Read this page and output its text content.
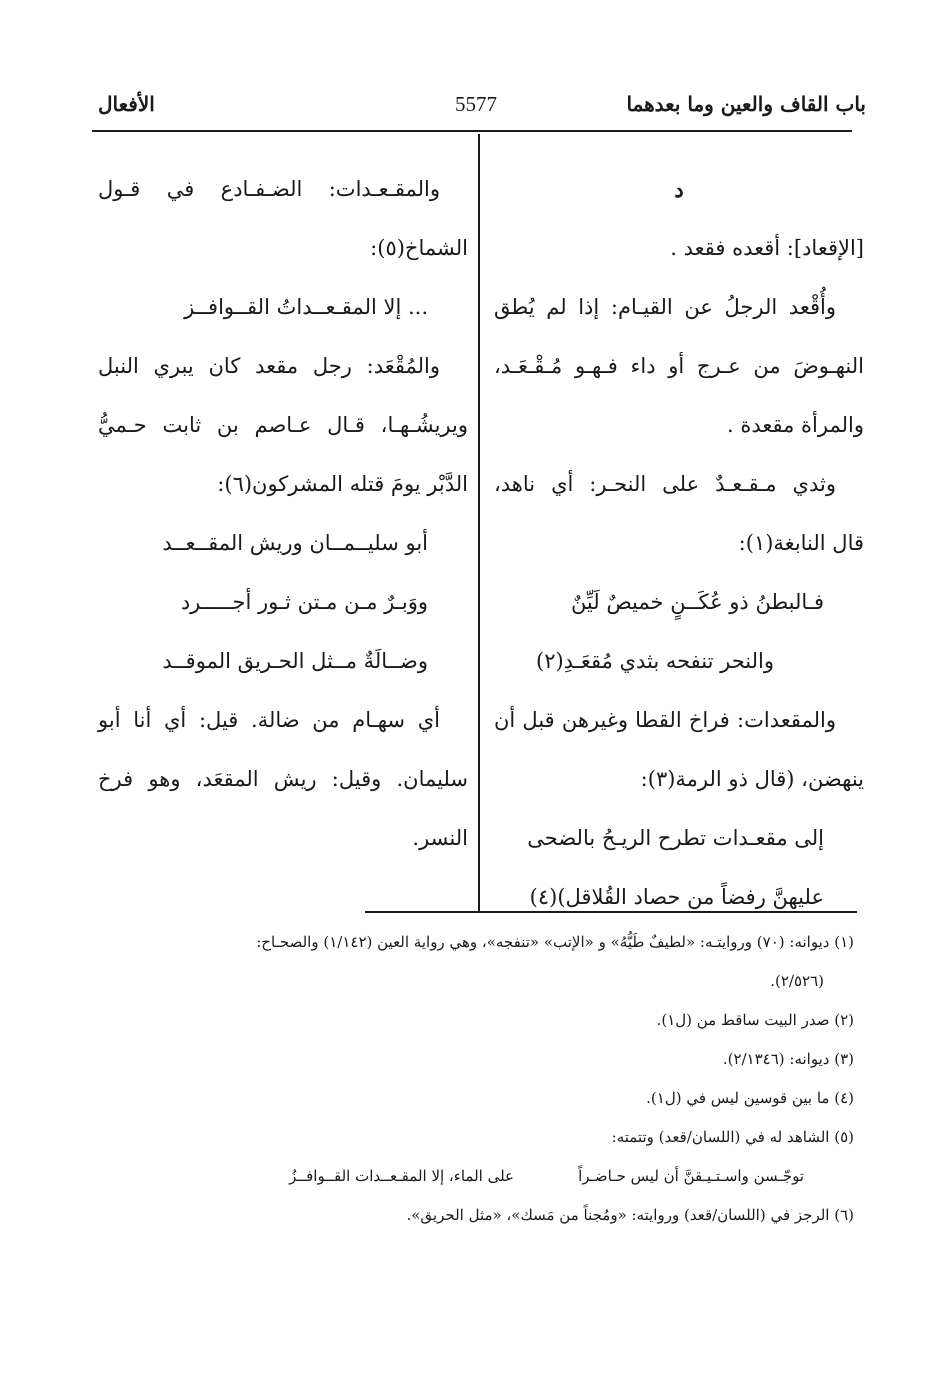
باب القاف والعين وما بعدهما
5577
الأفعال
د
[الإقعاد]: أقعده فقعد .
وأُقْعد الرجلُ عن القيـام: إذا لم يُطق
النهـوضَ من عـرج أو داء فـهـو مُـقْـعَـد،
والمرأة مقعدة .
وثدي مـقـعـدٌ على النحـر: أي ناهد،
قال النابغة(١):
فـالبطنُ ذو عُكَــنٍ خميصٌ لَيِّنٌ
والنحر تنفحه بثدي مُقعَـدِ(٢)
والمقعدات: فراخ القطا وغيرهن قبل أن
ينهضن، (قال ذو الرمة(٣):
إلى مقعـدات تطرح الريـحُ بالضحى
عليهنَّ رفضاً من حصاد القُلاقل)(٤)
والمقـعـدات: الضـفـادع في قـول
الشماخ(٥):
... إلا المقـعــداتُ القــوافــز
والمُقْعَد: رجل مقعد كان يبري النبل
ويريشُـهـا، قـال عـاصم بن ثابت حـميُّ
الدَّبْر يومَ قتله المشركون(٦):
أبو سليــمــان وريش المقــعــد
ووَبـرٌ مـن مـتن ثـور أجـــــرد
وضــالَةٌ مــثل الحـريق الموقــد
أي سهـام من ضالة. قيل: أي أنا أبو
سليمان. وقيل: ريش المقعَد، وهو فرخ
النسر.
(١) ديوانه: (٧٠) وروايتـه: «لطيفٌ طَيُّهُ» و «الإتب» «تنفجه»، وهي رواية العين (١/١٤٢) والصحـاح:
(٢/٥٢٦).
(٢) صدر البيت ساقط من (ل١).
(٣) ديوانه: (٢/١٣٤٦).
(٤) ما بين قوسين ليس في (ل١).
(٥) الشاهد له في (اللسان/قعد) وتتمته:
توجّـسن واسـتـيـقنَّ أن ليس حـاضـراً
على الماء، إلا المقـعــدات القــوافــزُ
(٦) الرجز في (اللسان/قعد) وروايته: «ومُجناً من مَسك»، «مثل الحريق».
